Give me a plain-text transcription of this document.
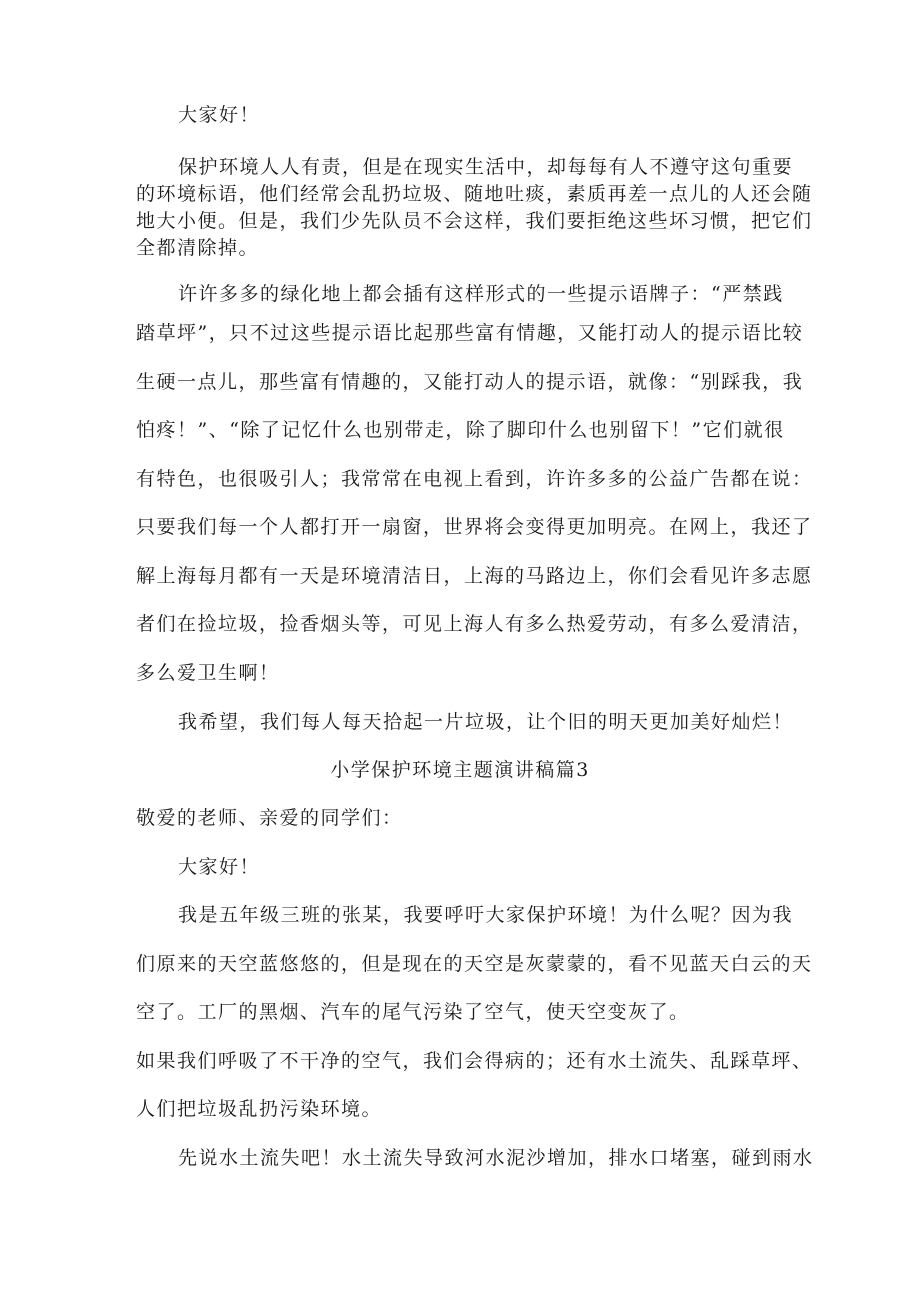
大家好！
保护环境人人有责，但是在现实生活中，却每每有人不遵守这句重要
的环境标语，他们经常会乱扔垃圾、随地吐痰，素质再差一点儿的人还会随
地大小便。但是，我们少先队员不会这样，我们要拒绝这些坏习惯，把它们
全都清除掉。
许许多多的绿化地上都会插有这样形式的一些提示语牌子：“严禁践
踏草坪”，只不过这些提示语比起那些富有情趣，又能打动人的提示语比较
生硬一点儿，那些富有情趣的，又能打动人的提示语，就像：“别踩我，我
怕疼！”、“除了记忆什么也别带走，除了脚印什么也别留下！”它们就很
有特色，也很吸引人；我常常在电视上看到，许许多多的公益广告都在说：
只要我们每一个人都打开一扇窗，世界将会变得更加明亮。在网上，我还了
解上海每月都有一天是环境清洁日，上海的马路边上，你们会看见许多志愿
者们在捡垃圾，捡香烟头等，可见上海人有多么热爱劳动，有多么爱清洁，
多么爱卫生啊！
我希望，我们每人每天拾起一片垃圾，让个旧的明天更加美好灿烂！
小学保护环境主题演讲稿篇3
敬爱的老师、亲爱的同学们：
大家好！
我是五年级三班的张某，我要呼吁大家保护环境！为什么呢？因为我
们原来的天空蓝悠悠的，但是现在的天空是灰蒙蒙的，看不见蓝天白云的天
空了。工厂的黑烟、汽车的尾气污染了空气，使天空变灰了。
如果我们呼吸了不干净的空气，我们会得病的；还有水土流失、乱踩草坪、
人们把垃圾乱扔污染环境。
先说水土流失吧！水土流失导致河水泥沙增加，排水口堵塞，碰到雨水
